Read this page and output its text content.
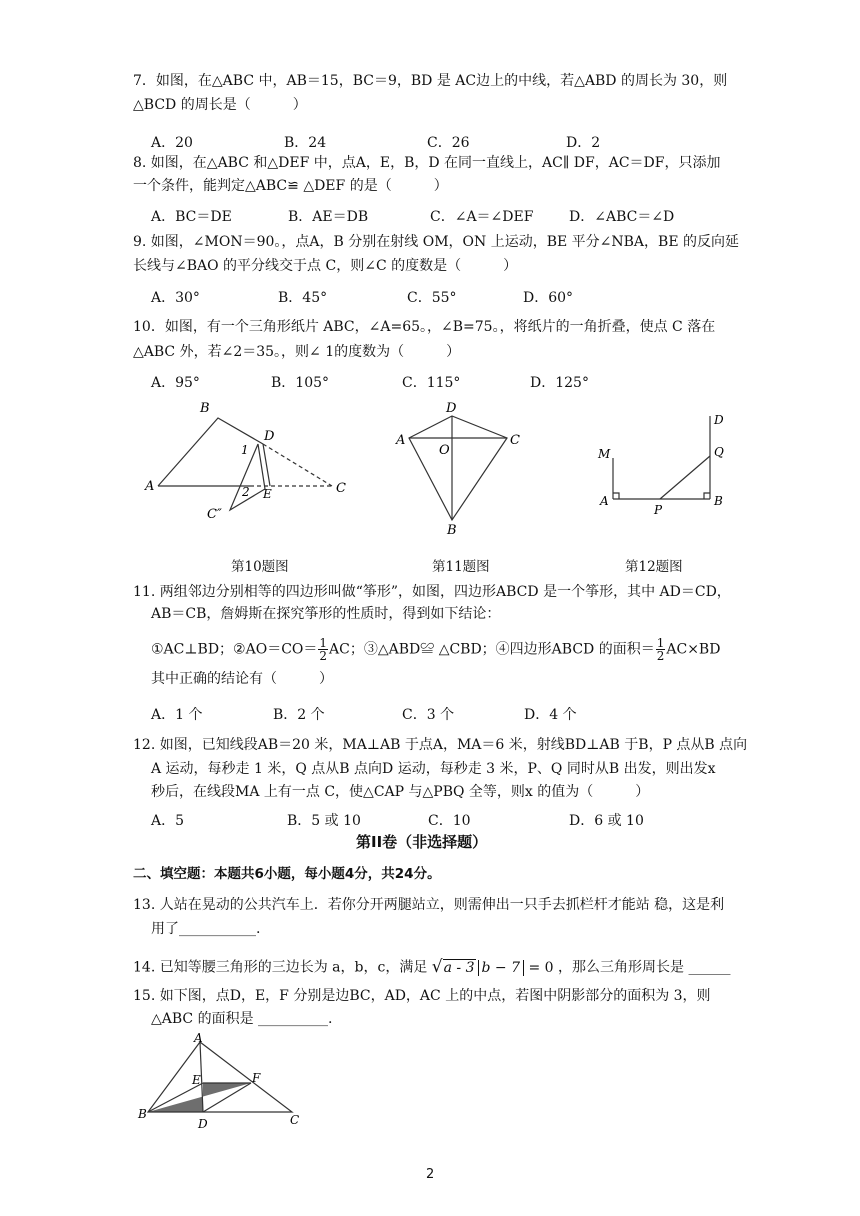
7．如图，在△ABC 中，AB＝15，BC＝9，BD 是 AC边上的中线，若△ABD 的周长为 30，则
△BCD 的周长是（　　　）
A．20	B．24	C．26	D．2
8. 如图，在△ABC 和△DEF 中，点A，E，B，D 在同一直线上，AC∥ DF，AC＝DF，只添加
一个条件，能判定△ABC≌ △DEF 的是（　　　）
A．BC＝DE	B．AE＝DB	C．∠A＝∠DEF	D．∠ABC＝∠D
9. 如图，∠MON＝90。，点A，B 分别在射线 OM，ON 上运动，BE 平分∠NBA，BE 的反向延
长线与∠BAO 的平分线交于点 C，则∠C 的度数是（　　　）
A．30°	B．45°	C．55°	D．60°
10．如图，有一个三角形纸片 ABC，∠A=65。，∠B=75。，将纸片的一角折叠，使点 C 落在
△ABC 外，若∠2＝35。，则∠ 1的度数为（　　　）
A．95°	B．105°	C．115°	D．125°
B
A
D
C
E
C″
1
2
D
A	C
O
B
M
A
P
B
Q
D
第10题图	第11题图	第12题图
11. 两组邻边分别相等的四边形叫做“筝形”，如图，四边形ABCD 是一个筝形，其中 AD＝CD，
AB＝CB，詹姆斯在探究筝形的性质时，得到如下结论：
①AC⊥BD；②AO＝CO＝ $\frac{1}{2}$ AC；③△ABD≌ △CBD；④四边形ABCD 的面积＝ $\frac{1}{2} AC\times BD$
其中正确的结论有（　　　）
A．1 个	B．2 个	C．3 个	D．4 个
12. 如图，已知线段AB＝20 米，MA⊥AB 于点A，MA＝6 米，射线BD⊥AB 于B，P 点从B 点向
A 运动，每秒走 1 米，Q 点从B 点向D 运动，每秒走 3 米，P、Q 同时从B 出发，则出发x
秒后，在线段MA 上有一点 C，使△CAP 与△PBQ 全等，则x 的值为（　　　）
A．5	B．5 或 10	C．10	D．6 或 10
第II卷（非选择题）
二、填空题：本题共6小题，每小题4分，共24分。
13. 人站在晃动的公共汽车上．若你分开两腿站立，则需伸出一只手去抓栏杆才能站 稳，这是利
用了___________.
14. 已知等腰三角形的三边长为 a，b，c，满足 √a - 3 b − 7 = 0 ，那么三角形周长是 ______
15. 如下图，点D，E，F 分别是边BC，AD，AC 上的中点，若图中阴影部分的面积为 3，则
△ABC 的面积是 __________.
A
B	C
D
E	F
2
